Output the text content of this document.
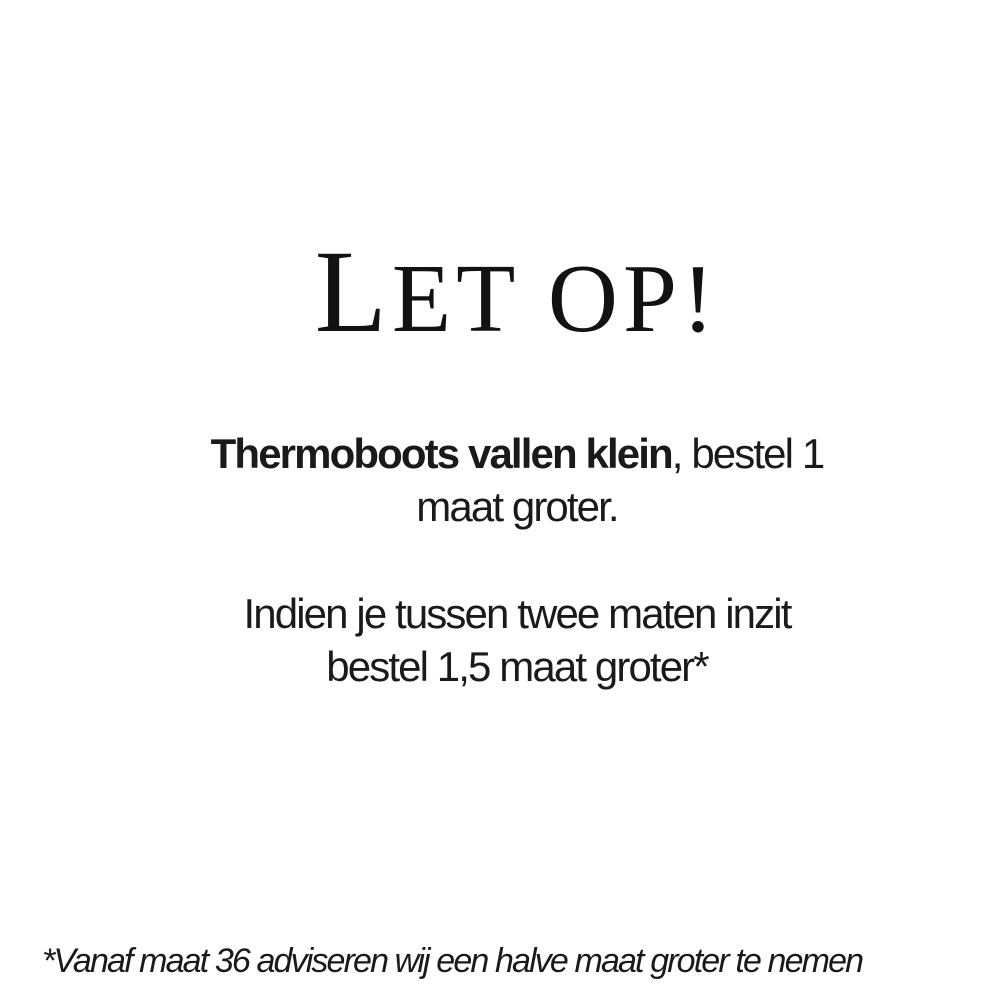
LET OP!
Thermoboots vallen klein, bestel 1
maat groter.
Indien je tussen twee maten inzit
bestel 1,5 maat groter*
*Vanaf maat 36 adviseren wij een halve maat groter te nemen
